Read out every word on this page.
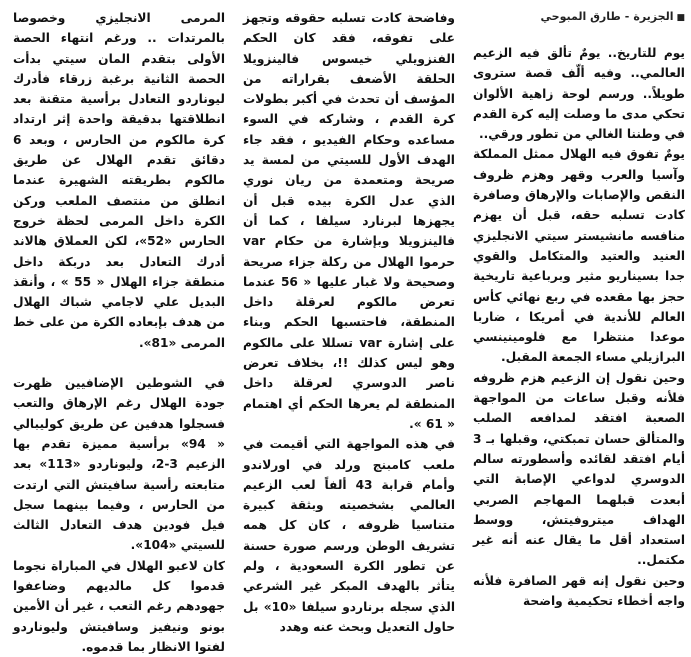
■الجزيرة-طارق المبوحي

يوم للتاريخ.. يومٌ تألق فيه الزعيم العالمي.. وفيه ألّف قصة ستروى طويلاً.. ورسم لوحة زاهية الألوان تحكي مدى ما وصلت إليه كرة القدم في وطننا الغالي من تطور ورقي..

يومٌ تفوق فيه الهلال ممثل المملكة وآسيا والعرب وقهر وهزم ظروف النقص والإصابات والإرهاق وصافرة كادت تسلبه حقه، قبل أن يهزم منافسه مانشيستر سيتي الانجليزي العنيد والعتيد والمتكامل والقوي جدا بسيناريو مثير وبرباعية تاريخية حجز بها مقعده في ربع نهائي كأس العالم للأندية في أمريكا ، ضاربا موعدا منتظرا مع فلومينينسي البرازيلي مساء الجمعة المقبل.

وحين نقول إن الزعيم هزم ظروفه فلأنه وقبل ساعات من المواجهة الصعبة افتقد لمدافعه الصلب والمتألق حسان تمبكتي، وقبلها بـ 3 أيام افتقد لقائده وأسطورته سالم الدوسري لدواعي الإصابة التي أبعدت قبلهما المهاجم الصربي الهداف ميتروفيتش، ووسط استعداد أقل ما يقال عنه أنه غير مكتمل..

وحين نقول إنه قهر الصافرة فلأنه واجه أخطاء تحكيمية واضحة

وفاضحة كادت تسلبه حقوقه وتجهز على تفوقه، فقد كان الحكم الفنزويلي خيسوس فالينزويلا الحلقة الأضعف بقراراته من المؤسف أن تحدث في أكبر بطولات كرة القدم ، وشاركه في السوء مساعده وحكام الفيديو ، فقد جاء الهدف الأول للسيتي من لمسة يد صريحة ومتعمدة من ريان نوري الذي عدل الكرة بيده قبل أن يجهزها لبرنارد سيلفا ، كما أن فالينزويلا وبإشارة من حكام var حرموا الهلال من ركلة جزاء صريحة وصحيحة ولا غبار عليها « 56 عندما تعرض مالكوم لعرقلة داخل المنطقة، فاحتسبها الحكم وبناء على إشارة var تسللا على مالكوم وهو ليس كذلك !!، بخلاف تعرض ناصر الدوسري لعرقلة داخل المنطقة لم يعرها الحكم أي اهتمام « 61 ».

في هذه المواجهة التي أقيمت في ملعب كامبنج ورلد في اورلاندو وأمام قرابة 43 ألفاً لعب الزعيم العالمي بشخصيته وبثقة كبيرة متناسيا ظروفه ، كان كل همه تشريف الوطن ورسم صورة حسنة عن تطور الكرة السعودية ، ولم يتأثر بالهدف المبكر غير الشرعي الذي سجله برناردو سيلفا «10» بل حاول التعديل وبحث عنه وهدد

المرمى الانجليزي وخصوصا بالمرتدات .. ورغم انتهاء الحصة الأولى بتقدم المان سيتي بدأت الحصة الثانية برغبة زرقاء فأدرك ليوناردو التعادل برأسية متقنة بعد انطلاقتها بدقيقة واحدة إثر ارتداد كرة مالكوم من الحارس ، وبعد 6 دقائق تقدم الهلال عن طريق مالكوم بطريقته الشهيرة عندما انطلق من منتصف الملعب وركن الكرة داخل المرمى لحظة خروج الحارس «52»، لكن العملاق هالاند أدرك التعادل بعد دربكة داخل منطقة جزاء الهلال « 55 » ، وأنقذ البديل علي لاجامي شباك الهلال من هدف بإبعاده الكرة من على خط المرمى «81».

في الشوطين الإضافيين ظهرت جودة الهلال رغم الإرهاق والتعب فسجلوا هدفين عن طريق كوليبالي « 94» برأسية مميزة تقدم بها الزعيم 3-2، وليوناردو «113» بعد متابعته رأسية سافيتش التي ارتدت من الحارس ، وفيما بينهما سجل فيل فودين هدف التعادل الثالث للسيتي «104».

كان لاعبو الهلال في المباراة نجوما قدموا كل مالديهم وضاعفوا جهودهم رغم التعب ، غير أن الأمين بونو ونيفيز وسافيتش وليوناردو لفتوا الانظار بما قدموه.
